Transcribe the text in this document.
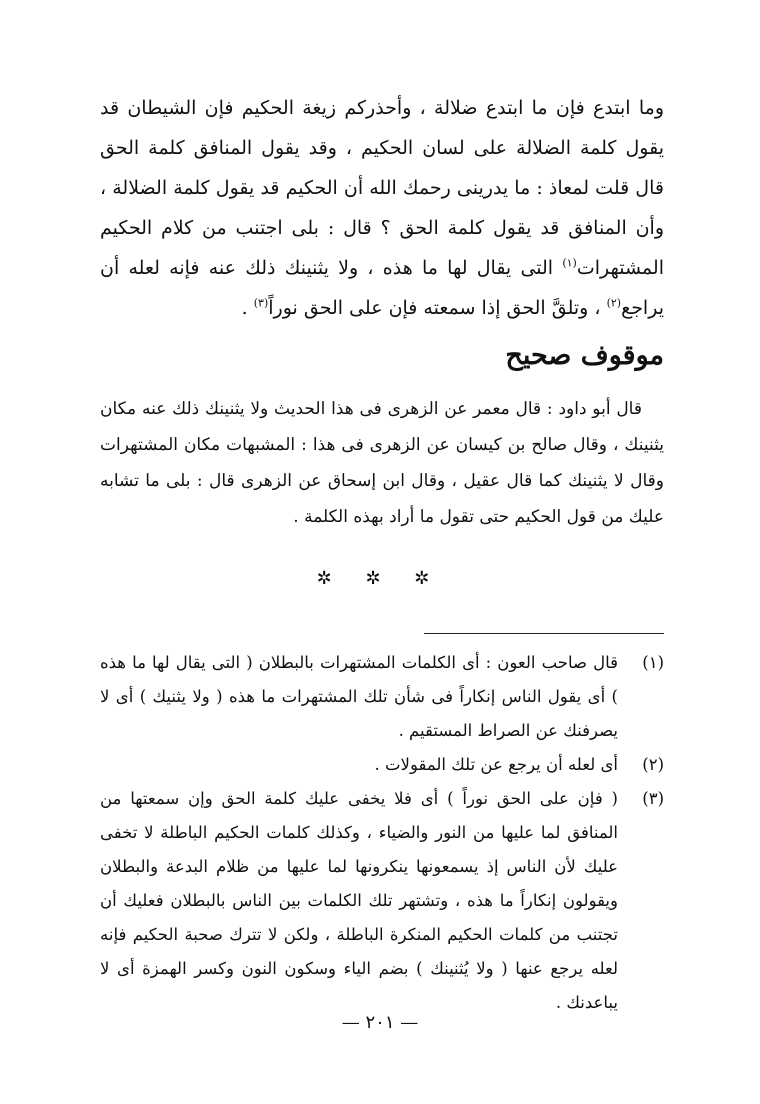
وما ابتدع فإن ما ابتدع ضلالة ، وأحذركم زيغة الحكيم فإن الشيطان قد يقول كلمة الضلالة على لسان الحكيم ، وقد يقول المنافق كلمة الحق قال قلت لمعاذ : ما يدرينى رحمك الله أن الحكيم قد يقول كلمة الضلالة ، وأن المنافق قد يقول كلمة الحق ؟ قال : بلى اجتنب من كلام الحكيم المشتهرات$^{(١)}$ التى يقال لها ما هذه ، ولا يثنينك ذلك عنه فإنه لعله أن يراجع$^{(٢)}$ ، وتلقَّ الحق إذا سمعته فإن على الحق نوراً$^{(٣)}$ .

موقوف صحيح

قال أبو داود : قال معمر عن الزهرى فى هذا الحديث ولا يثنينك ذلك عنه مكان يثنينك ، وقال صالح بن كيسان عن الزهرى فى هذا : المشبهات مكان المشتهرات وقال لا يثنينك كما قال عقيل ، وقال ابن إسحاق عن الزهرى قال : بلى ما تشابه عليك من قول الحكيم حتى تقول ما أراد بهذه الكلمة .

✲ ✲ ✲
(١)
قال صاحب العون : أى الكلمات المشتهرات بالبطلان ( التى يقال لها ما هذه ) أى يقول الناس إنكاراً فى شأن تلك المشتهرات ما هذه ( ولا يثنيك ) أى لا يصرفنك عن الصراط المستقيم .
(٢)
أى لعله أن يرجع عن تلك المقولات .
(٣)
( فإن على الحق نوراً ) أى فلا يخفى عليك كلمة الحق وإن سمعتها من المنافق لما عليها من النور والضياء ، وكذلك كلمات الحكيم الباطلة لا تخفى عليك لأن الناس إذ يسمعونها ينكرونها لما عليها من ظلام البدعة والبطلان ويقولون إنكاراً ما هذه ، وتشتهر تلك الكلمات بين الناس بالبطلان فعليك أن تجتنب من كلمات الحكيم المنكرة الباطلة ، ولكن لا تترك صحبة الحكيم فإنه لعله يرجع عنها ( ولا يُثنينك ) بضم الياء وسكون النون وكسر الهمزة أى لا يباعدنك .
— ٢٠١ —
